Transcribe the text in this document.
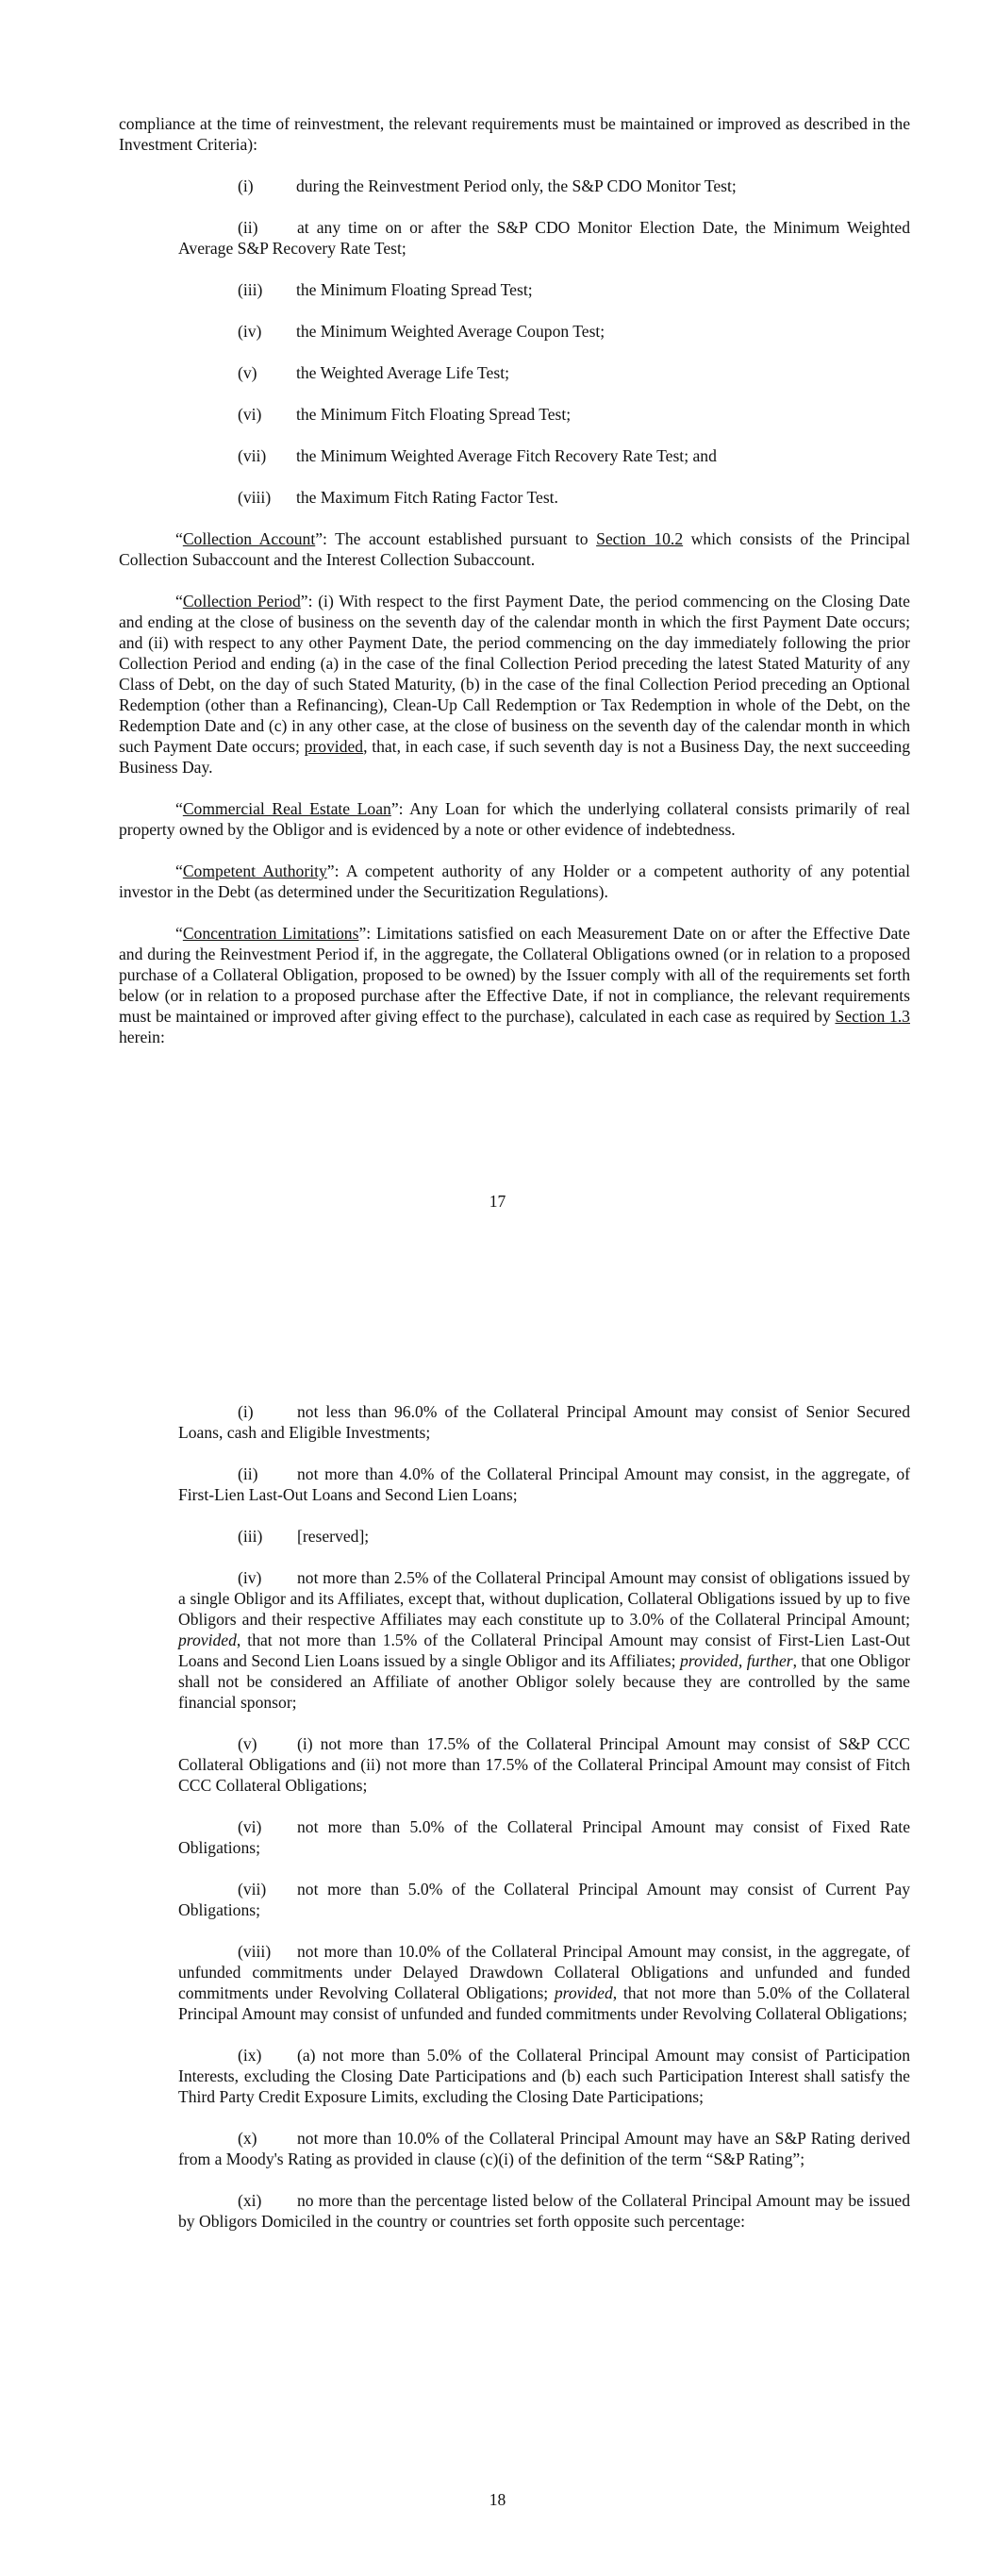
compliance at the time of reinvestment, the relevant requirements must be maintained or improved as described in the Investment Criteria):

(i)	during the Reinvestment Period only, the S&P CDO Monitor Test;

(ii) at any time on or after the S&P CDO Monitor Election Date, the Minimum Weighted Average S&P Recovery Rate Test;

(iii) the Minimum Floating Spread Test;

(iv) the Minimum Weighted Average Coupon Test;

(v) the Weighted Average Life Test;

(vi) the Minimum Fitch Floating Spread Test;

(vii) the Minimum Weighted Average Fitch Recovery Rate Test; and

(viii) the Maximum Fitch Rating Factor Test.

“Collection Account”: The account established pursuant to Section 10.2 which consists of the Principal Collection Subaccount and the Interest Collection Subaccount.

“Collection Period”: (i) With respect to the first Payment Date, the period commencing on the Closing Date and ending at the close of business on the seventh day of the calendar month in which the first Payment Date occurs; and (ii) with respect to any other Payment Date, the period commencing on the day immediately following the prior Collection Period and ending (a) in the case of the final Collection Period preceding the latest Stated Maturity of any Class of Debt, on the day of such Stated Maturity, (b) in the case of the final Collection Period preceding an Optional Redemption (other than a Refinancing), Clean-Up Call Redemption or Tax Redemption in whole of the Debt, on the Redemption Date and (c) in any other case, at the close of business on the seventh day of the calendar month in which such Payment Date occurs; provided, that, in each case, if such seventh day is not a Business Day, the next succeeding Business Day.

“Commercial Real Estate Loan”: Any Loan for which the underlying collateral consists primarily of real property owned by the Obligor and is evidenced by a note or other evidence of indebtedness.

“Competent Authority”: A competent authority of any Holder or a competent authority of any potential investor in the Debt (as determined under the Securitization Regulations).

“Concentration Limitations”: Limitations satisfied on each Measurement Date on or after the Effective Date and during the Reinvestment Period if, in the aggregate, the Collateral Obligations owned (or in relation to a proposed purchase of a Collateral Obligation, proposed to be owned) by the Issuer comply with all of the requirements set forth below (or in relation to a proposed purchase after the Effective Date, if not in compliance, the relevant requirements must be maintained or improved after giving effect to the purchase), calculated in each case as required by Section 1.3 herein:

17

(i)	not less than 96.0% of the Collateral Principal Amount may consist of Senior Secured Loans, cash and Eligible Investments;

(ii) not more than 4.0% of the Collateral Principal Amount may consist, in the aggregate, of First-Lien Last-Out Loans and Second Lien Loans;

(iii) [reserved];

(iv) not more than 2.5% of the Collateral Principal Amount may consist of obligations issued by a single Obligor and its Affiliates, except that, without duplication, Collateral Obligations issued by up to five Obligors and their respective Affiliates may each constitute up to 3.0% of the Collateral Principal Amount; provided, that not more than 1.5% of the Collateral Principal Amount may consist of First-Lien Last-Out Loans and Second Lien Loans issued by a single Obligor and its Affiliates; provided, further, that one Obligor shall not be considered an Affiliate of another Obligor solely because they are controlled by the same financial sponsor;

(v) (i) not more than 17.5% of the Collateral Principal Amount may consist of S&P CCC Collateral Obligations and (ii) not more than 17.5% of the Collateral Principal Amount may consist of Fitch CCC Collateral Obligations;

(vi) not more than 5.0% of the Collateral Principal Amount may consist of Fixed Rate Obligations;

(vii) not more than 5.0% of the Collateral Principal Amount may consist of Current Pay Obligations;

(viii) not more than 10.0% of the Collateral Principal Amount may consist, in the aggregate, of unfunded commitments under Delayed Drawdown Collateral Obligations and unfunded and funded commitments under Revolving Collateral Obligations; provided, that not more than 5.0% of the Collateral Principal Amount may consist of unfunded and funded commitments under Revolving Collateral Obligations;

(ix) (a) not more than 5.0% of the Collateral Principal Amount may consist of Participation Interests, excluding the Closing Date Participations and (b) each such Participation Interest shall satisfy the Third Party Credit Exposure Limits, excluding the Closing Date Participations;

(x) not more than 10.0% of the Collateral Principal Amount may have an S&P Rating derived from a Moody's Rating as provided in clause (c)(i) of the definition of the term “S&P Rating”;

(xi) no more than the percentage listed below of the Collateral Principal Amount may be issued by Obligors Domiciled in the country or countries set forth opposite such percentage:

18
